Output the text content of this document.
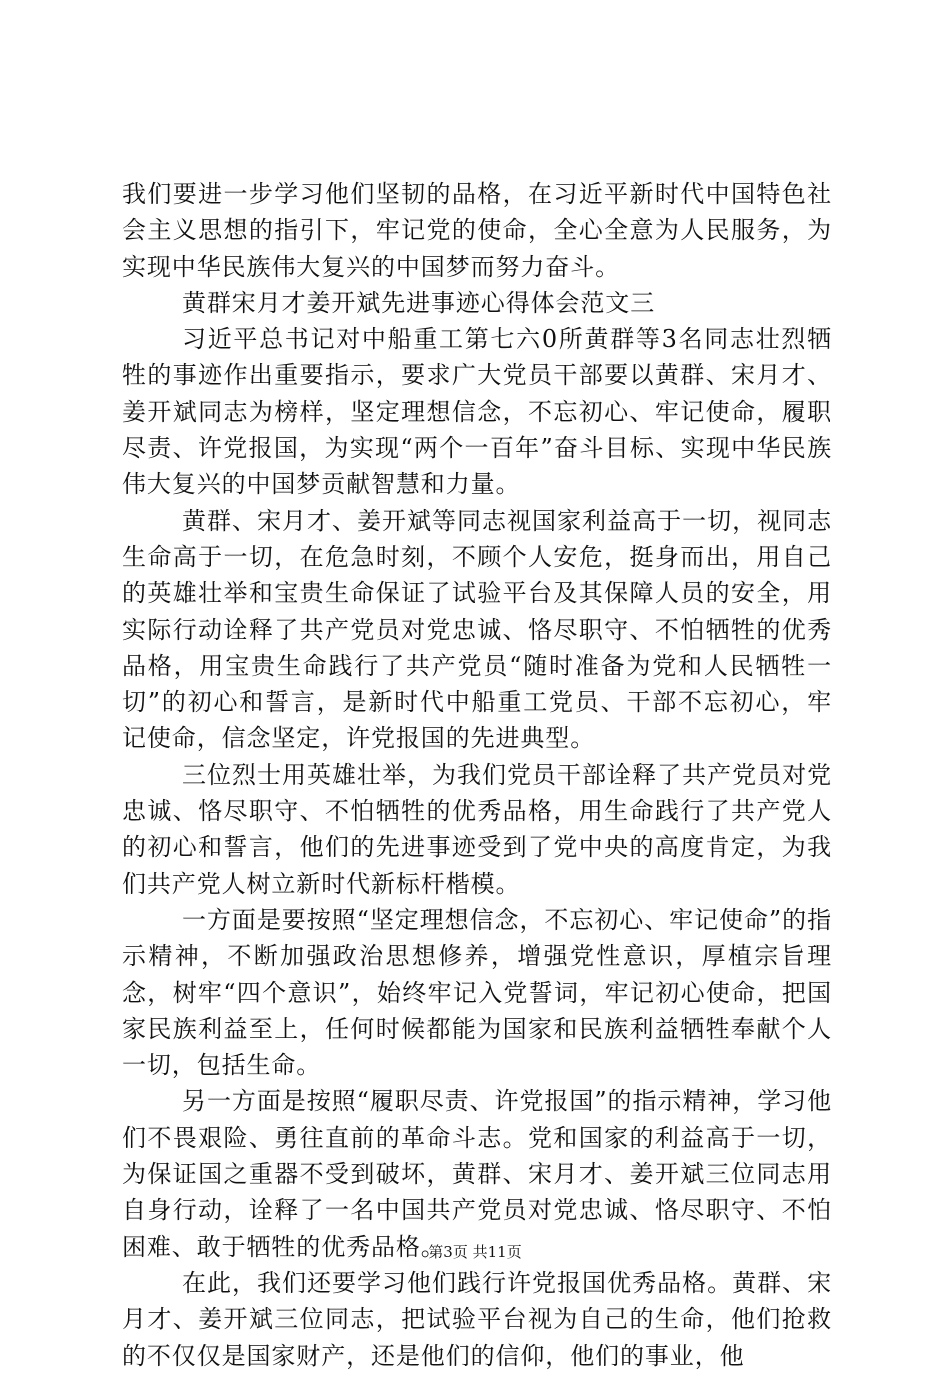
我们要进一步学习他们坚韧的品格，在习近平新时代中国特色社会主义思想的指引下，牢记党的使命，全心全意为人民服务，为实现中华民族伟大复兴的中国梦而努力奋斗。

黄群宋月才姜开斌先进事迹心得体会范文三

习近平总书记对中船重工第七六0所黄群等3名同志壮烈牺牲的事迹作出重要指示，要求广大党员干部要以黄群、宋月才、姜开斌同志为榜样，坚定理想信念，不忘初心、牢记使命，履职尽责、许党报国，为实现“两个一百年”奋斗目标、实现中华民族伟大复兴的中国梦贡献智慧和力量。

黄群、宋月才、姜开斌等同志视国家利益高于一切，视同志生命高于一切，在危急时刻，不顾个人安危，挺身而出，用自己的英雄壮举和宝贵生命保证了试验平台及其保障人员的安全，用实际行动诠释了共产党员对党忠诚、恪尽职守、不怕牺牲的优秀品格，用宝贵生命践行了共产党员“随时准备为党和人民牺牲一切”的初心和誓言，是新时代中船重工党员、干部不忘初心，牢记使命，信念坚定，许党报国的先进典型。

三位烈士用英雄壮举，为我们党员干部诠释了共产党员对党忠诚、恪尽职守、不怕牺牲的优秀品格，用生命践行了共产党人的初心和誓言，他们的先进事迹受到了党中央的高度肯定，为我们共产党人树立新时代新标杆楷模。

一方面是要按照“坚定理想信念，不忘初心、牢记使命”的指示精神，不断加强政治思想修养，增强党性意识，厚植宗旨理念，树牢“四个意识”，始终牢记入党誓词，牢记初心使命，把国家民族利益至上，任何时候都能为国家和民族利益牺牲奉献个人一切，包括生命。

另一方面是按照“履职尽责、许党报国”的指示精神，学习他们不畏艰险、勇往直前的革命斗志。党和国家的利益高于一切，为保证国之重器不受到破坏，黄群、宋月才、姜开斌三位同志用自身行动，诠释了一名中国共产党员对党忠诚、恪尽职守、不怕困难、敢于牺牲的优秀品格。

在此，我们还要学习他们践行许党报国优秀品格。黄群、宋月才、姜开斌三位同志，把试验平台视为自己的生命，他们抢救的不仅仅是国家财产，还是他们的信仰，他们的事业，他

第3页 共11页
